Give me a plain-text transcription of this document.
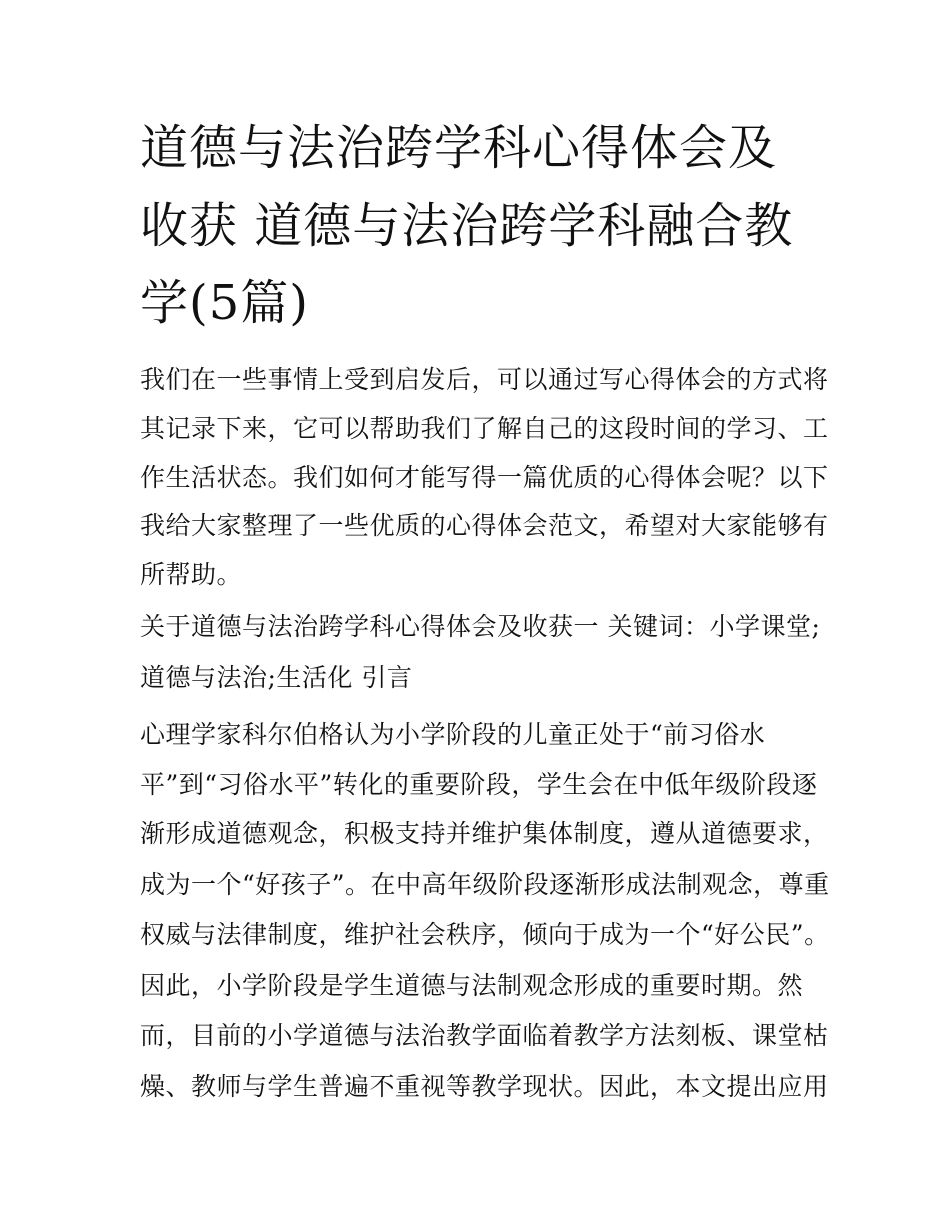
道德与法治跨学科心得体会及
收获 道德与法治跨学科融合教
学(5篇)
我们在一些事情上受到启发后，可以通过写心得体会的方式将
其记录下来，它可以帮助我们了解自己的这段时间的学习、工
作生活状态。我们如何才能写得一篇优质的心得体会呢？以下
我给大家整理了一些优质的心得体会范文，希望对大家能够有
所帮助。
关于道德与法治跨学科心得体会及收获一 关键词：小学课堂;
道德与法治;生活化 引言
心理学家科尔伯格认为小学阶段的儿童正处于“前习俗水
平”到“习俗水平”转化的重要阶段，学生会在中低年级阶段逐
渐形成道德观念，积极支持并维护集体制度，遵从道德要求，
成为一个“好孩子”。在中高年级阶段逐渐形成法制观念，尊重
权威与法律制度，维护社会秩序，倾向于成为一个“好公民”。
因此，小学阶段是学生道德与法制观念形成的重要时期。然
而，目前的小学道德与法治教学面临着教学方法刻板、课堂枯
燥、教师与学生普遍不重视等教学现状。因此，本文提出应用
